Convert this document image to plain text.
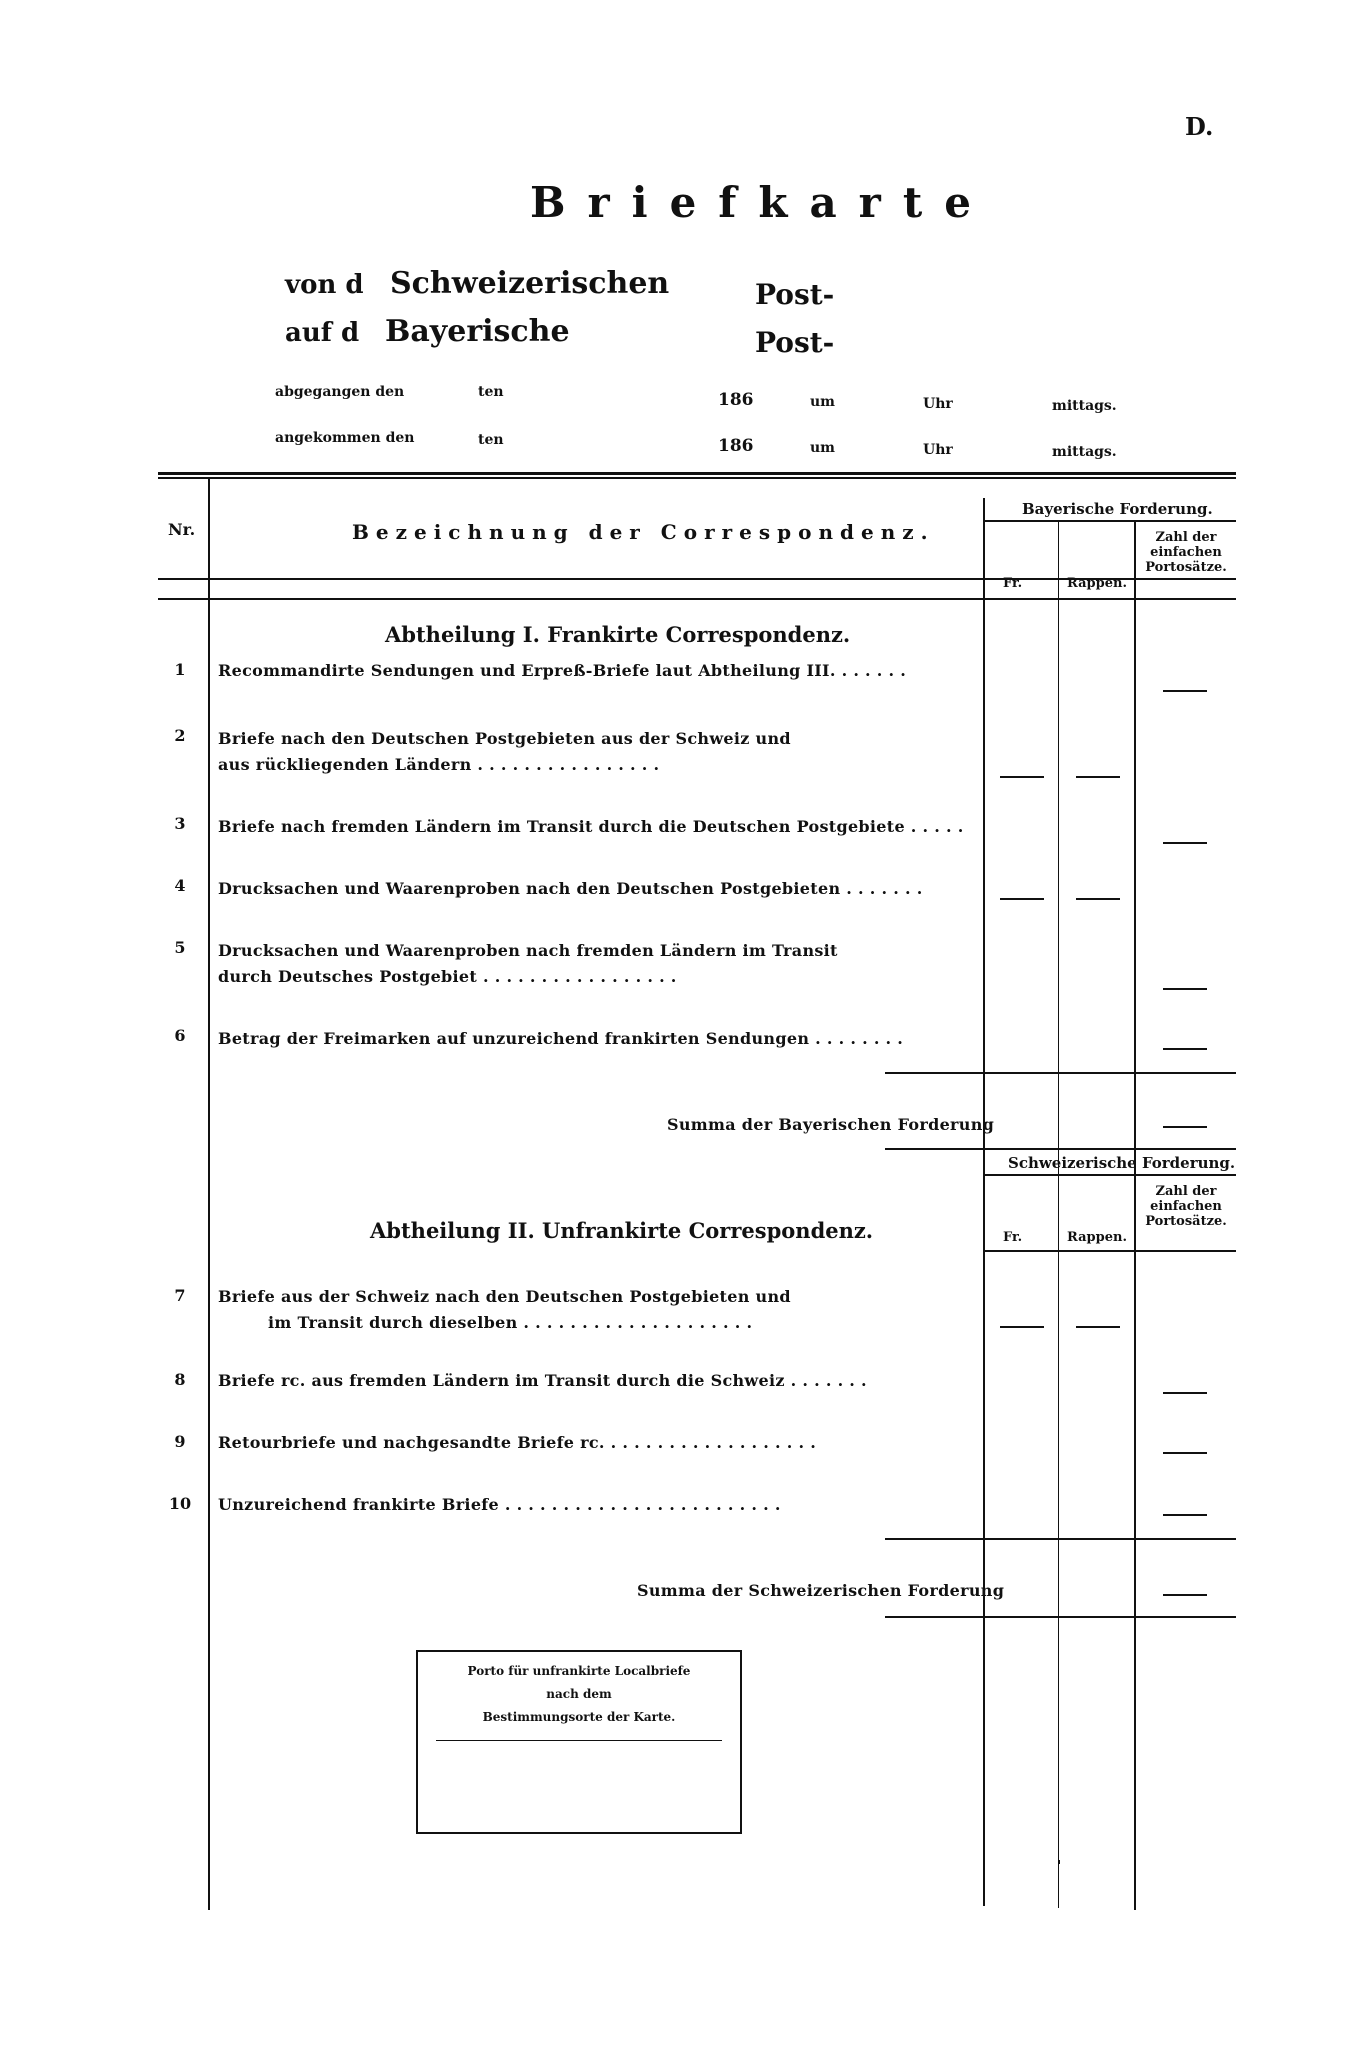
D.
Briefkarte
von d Schweizerischen	Post-
auf d Bayerische	Post-
abgegangen den	ten	186	um	Uhr	mittags.
angekommen den	ten	186	um	Uhr	mittags.
Nr.	Bezeichnung der Correspondenz.
Bayerische Forderung.
Fr.	Rappen.
Zahl der einfachen Portosätze.
Abtheilung I. Frankirte Correspondenz.
1	Recommandirte Sendungen und Erpreß-Briefe laut Abtheilung III. . . . . . .
2	Briefe nach den Deutschen Postgebieten aus der Schweiz und
aus rückliegenden Ländern . . . . . . . . . . . . . . . .
3	Briefe nach fremden Ländern im Transit durch die Deutschen Postgebiete . . . . .
4	Drucksachen und Waarenproben nach den Deutschen Postgebieten . . . . . . .
5	Drucksachen und Waarenproben nach fremden Ländern im Transit
durch Deutsches Postgebiet . . . . . . . . . . . . . . . . .
6	Betrag der Freimarken auf unzureichend frankirten Sendungen . . . . . . . .
Summa der Bayerischen Forderung
Schweizerische Forderung.
Fr.	Rappen.
Zahl der einfachen Portosätze.
Abtheilung II. Unfrankirte Correspondenz.
7	Briefe aus der Schweiz nach den Deutschen Postgebieten und
im Transit durch dieselben . . . . . . . . . . . . . . . . . . . .
8	Briefe rc. aus fremden Ländern im Transit durch die Schweiz . . . . . . .
9	Retourbriefe und nachgesandte Briefe rc. . . . . . . . . . . . . . . . . . .
10	Unzureichend frankirte Briefe . . . . . . . . . . . . . . . . . . . . . . . .
Summa der Schweizerischen Forderung
Porto für unfrankirte Localbriefe
nach dem
Bestimmungsorte der Karte.
